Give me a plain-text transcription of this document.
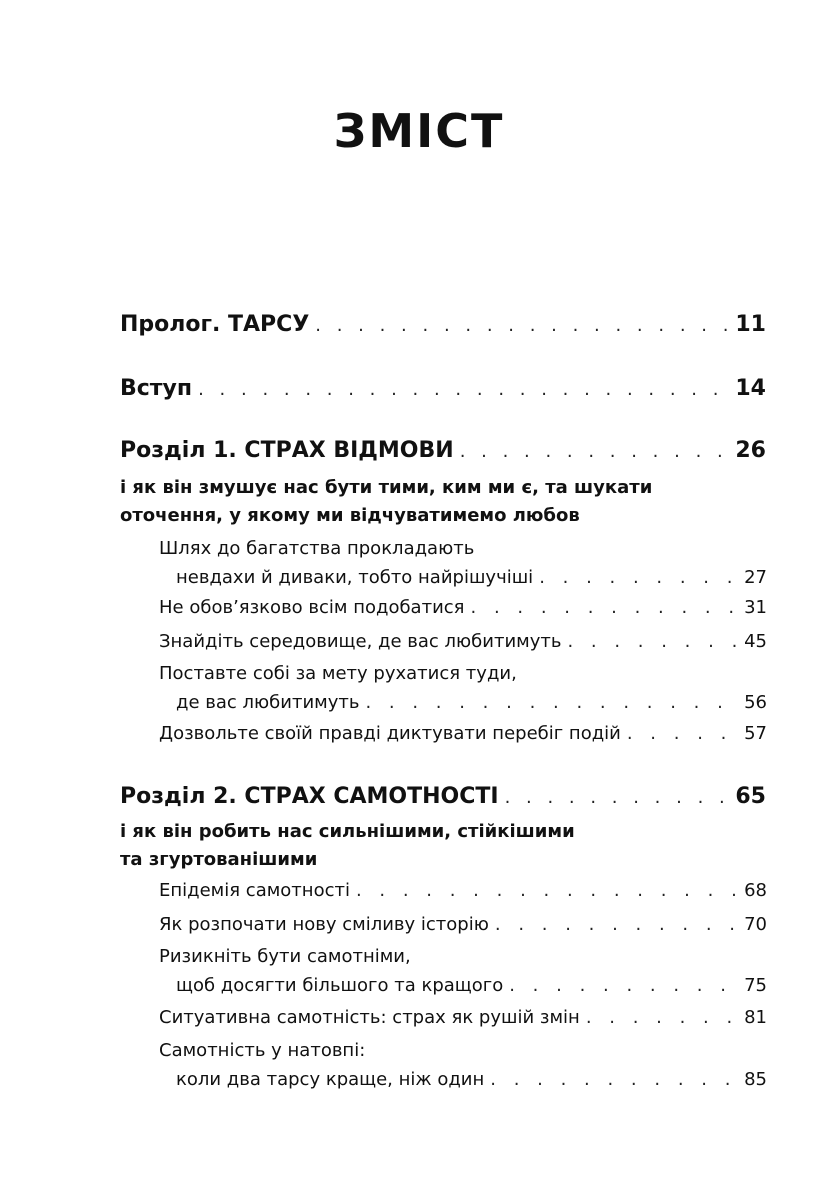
ЗМІСТ
Пролог. ТАРСУ . . .	11
Вступ . . .	14
Розділ 1. СТРАХ ВІДМОВИ . . .	26
і як він змушує нас бути тими, ким ми є, та шукати
оточення, у якому ми відчуватимемо любов
Шлях до багатства прокладають
невдахи й диваки, тобто найрішучіші . . .	27
Не обов’язково всім подобатися . . .	31
Знайдіть середовище, де вас любитимуть . . .	45
Поставте собі за мету рухатися туди,
де вас любитимуть . . .	56
Дозвольте своїй правді диктувати перебіг подій . . .	57
Розділ 2. СТРАХ САМОТНОСТІ . . .	65
і як він робить нас сильнішими, стійкішими
та згуртованішими
Епідемія самотності . . .	68
Як розпочати нову сміливу історію . . .	70
Ризикніть бути самотніми,
щоб досягти більшого та кращого . . .	75
Ситуативна самотність: страх як рушій змін . . .	81
Самотність у натовпі:
коли два тарсу краще, ніж один . . .	85
